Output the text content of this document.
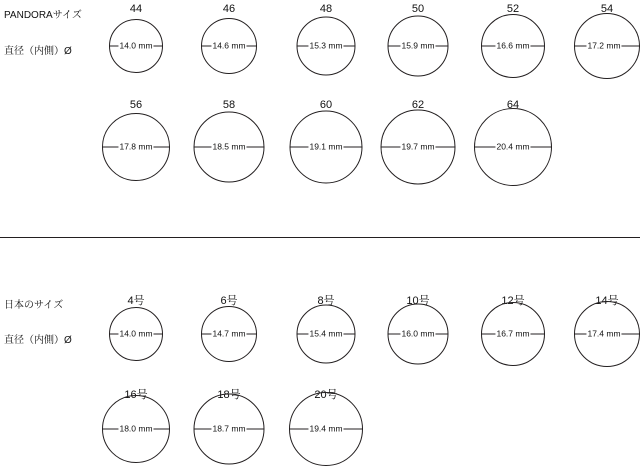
PANDORAサイズ
直径（内側）Ø
44
14.0 mm
46
14.6 mm
48
15.3 mm
50
15.9 mm
52
16.6 mm
54
17.2 mm
56
17.8 mm
58
18.5 mm
60
19.1 mm
62
19.7 mm
64
20.4 mm
日本のサイズ
直径（内側）Ø
4号
14.0 mm
6号
14.7 mm
8号
15.4 mm
10号
16.0 mm
12号
16.7 mm
14号
17.4 mm
16号
18.0 mm
18号
18.7 mm
20号
19.4 mm
